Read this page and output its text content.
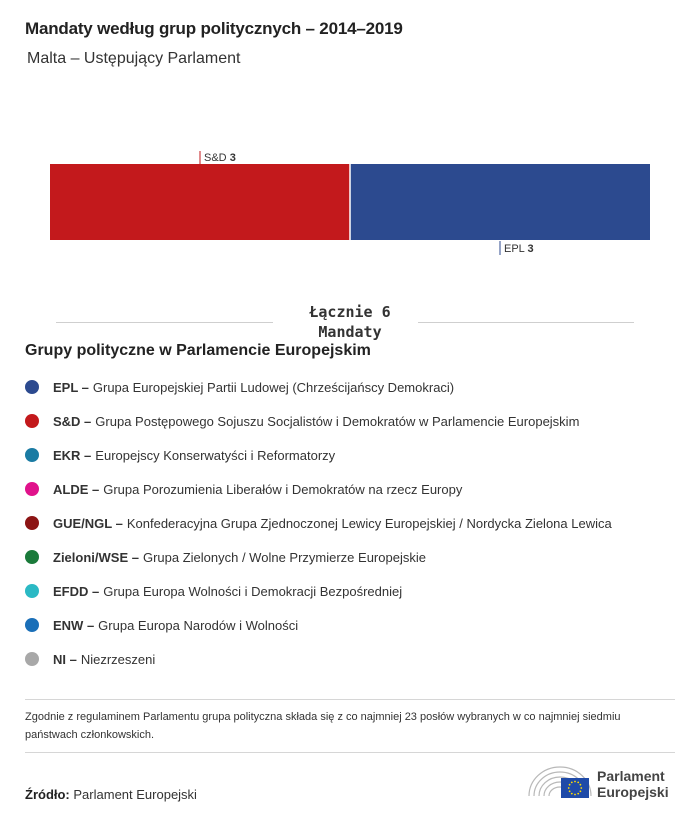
Mandaty według grup politycznych – 2014–2019
Malta – Ustępujący Parlament
S&D 3
EPL 3
Łącznie 6
Mandaty
Grupy polityczne w Parlamencie Europejskim
EPL – Grupa Europejskiej Partii Ludowej (Chrześcijańscy Demokraci)
S&D – Grupa Postępowego Sojuszu Socjalistów i Demokratów w Parlamencie Europejskim
EKR – Europejscy Konserwatyści i Reformatorzy
ALDE – Grupa Porozumienia Liberałów i Demokratów na rzecz Europy
GUE/NGL – Konfederacyjna Grupa Zjednoczonej Lewicy Europejskiej / Nordycka Zielona Lewica
Zieloni/WSE – Grupa Zielonych / Wolne Przymierze Europejskie
EFDD – Grupa Europa Wolności i Demokracji Bezpośredniej
ENW – Grupa Europa Narodów i Wolności
NI – Niezrzeszeni
Zgodnie z regulaminem Parlamentu grupa polityczna składa się z co najmniej 23 posłów wybranych w co najmniej siedmiu państwach członkowskich.
Źródło: Parlament Europejski
Parlament
Europejski
